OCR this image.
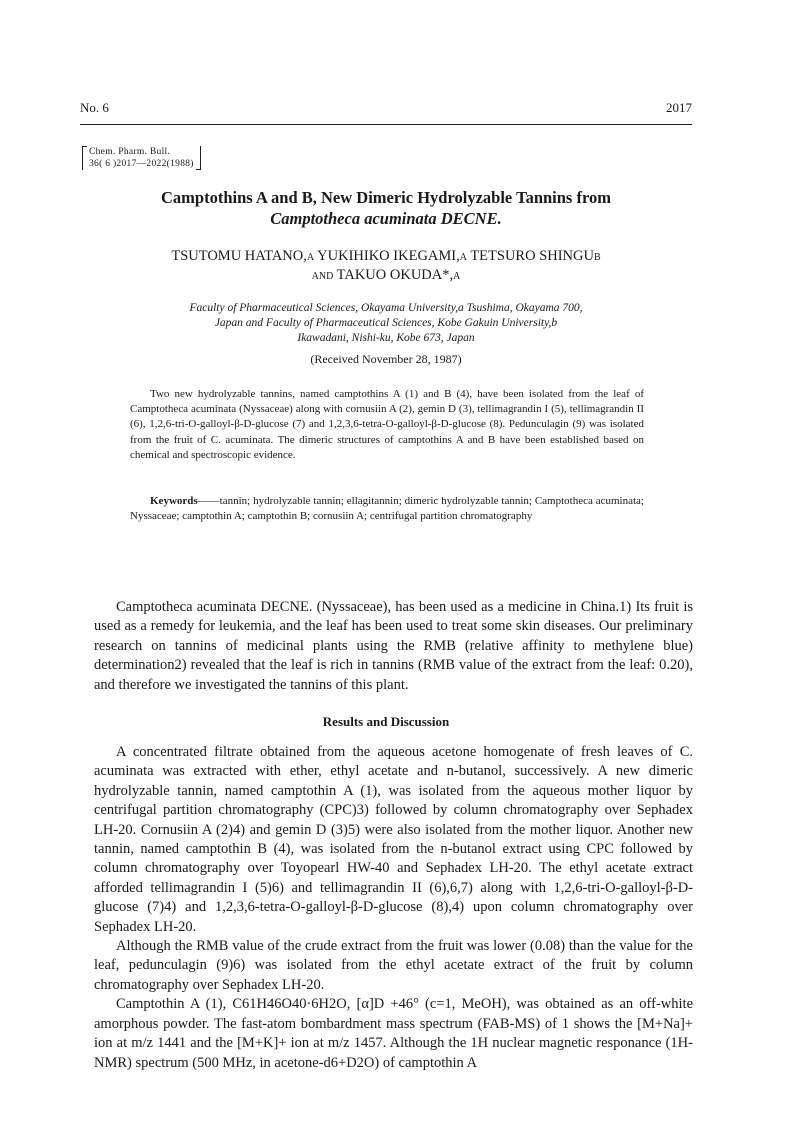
No. 6	2017
Chem. Pharm. Bull.
36( 6 )2017—2022(1988)
Camptothins A and B, New Dimeric Hydrolyzable Tannins from
Camptotheca acuminata DECNE.
TSUTOMU HATANO,a YUKIHIKO IKEGAMI,a TETSURO SHINGUb
and TAKUO OKUDA*,a
Faculty of Pharmaceutical Sciences, Okayama University,a Tsushima, Okayama 700,
Japan and Faculty of Pharmaceutical Sciences, Kobe Gakuin University,b
Ikawadani, Nishi-ku, Kobe 673, Japan
(Received November 28, 1987)
Two new hydrolyzable tannins, named camptothins A (1) and B (4), have been isolated from the leaf of Camptotheca acuminata (Nyssaceae) along with cornusiin A (2), gemin D (3), tellimagrandin I (5), tellimagrandin II (6), 1,2,6-tri-O-galloyl-β-D-glucose (7) and 1,2,3,6-tetra-O-galloyl-β-D-glucose (8). Pedunculagin (9) was isolated from the fruit of C. acuminata. The dimeric structures of camptothins A and B have been established based on chemical and spectroscopic evidence.
Keywords——tannin; hydrolyzable tannin; ellagitannin; dimeric hydrolyzable tannin; Camptotheca acuminata; Nyssaceae; camptothin A; camptothin B; cornusiin A; centrifugal partition chromatography

Camptotheca acuminata DECNE. (Nyssaceae), has been used as a medicine in China.1) Its fruit is used as a remedy for leukemia, and the leaf has been used to treat some skin diseases. Our preliminary research on tannins of medicinal plants using the RMB (relative affinity to methylene blue) determination2) revealed that the leaf is rich in tannins (RMB value of the extract from the leaf: 0.20), and therefore we investigated the tannins of this plant.

Results and Discussion

A concentrated filtrate obtained from the aqueous acetone homogenate of fresh leaves of C. acuminata was extracted with ether, ethyl acetate and n-butanol, successively. A new dimeric hydrolyzable tannin, named camptothin A (1), was isolated from the aqueous mother liquor by centrifugal partition chromatography (CPC)3) followed by column chromatography over Sephadex LH-20. Cornusiin A (2)4) and gemin D (3)5) were also isolated from the mother liquor. Another new tannin, named camptothin B (4), was isolated from the n-butanol extract using CPC followed by column chromatography over Toyopearl HW-40 and Sephadex LH-20. The ethyl acetate extract afforded tellimagrandin I (5)6) and tellimagrandin II (6),6,7) along with 1,2,6-tri-O-galloyl-β-D-glucose (7)4) and 1,2,3,6-tetra-O-galloyl-β-D-glucose (8),4) upon column chromatography over Sephadex LH-20.

Although the RMB value of the crude extract from the fruit was lower (0.08) than the value for the leaf, pedunculagin (9)6) was isolated from the ethyl acetate extract of the fruit by column chromatography over Sephadex LH-20.

Camptothin A (1), C61H46O40·6H2O, [α]D +46° (c=1, MeOH), was obtained as an off-white amorphous powder. The fast-atom bombardment mass spectrum (FAB-MS) of 1 shows the [M+Na]+ ion at m/z 1441 and the [M+K]+ ion at m/z 1457. Although the 1H nuclear magnetic responance (1H-NMR) spectrum (500 MHz, in acetone-d6+D2O) of camptothin A
